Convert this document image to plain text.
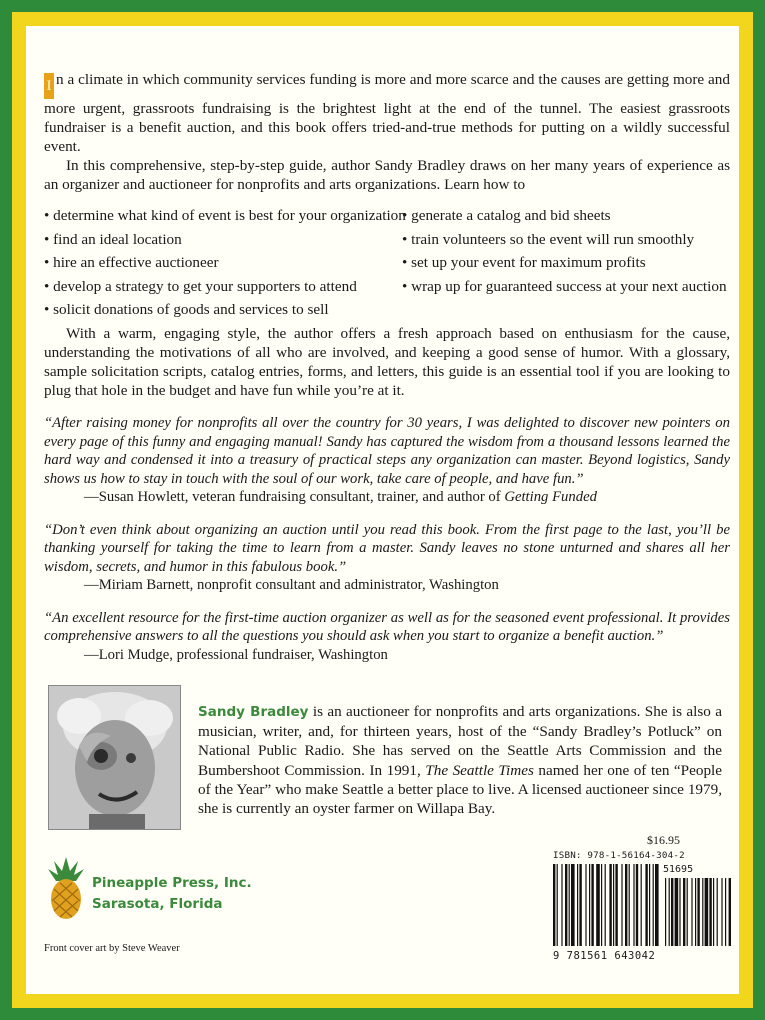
I n a climate in which community services funding is more and more scarce and the causes are getting more and more urgent, grassroots fundraising is the brightest light at the end of the tunnel. The easiest grassroots fundraiser is a benefit auction, and this book offers tried-and-true methods for putting on a wildly successful event.

In this comprehensive, step-by-step guide, author Sandy Bradley draws on her many years of experience as an organizer and auctioneer for nonprofits and arts organizations. Learn how to

• determine what kind of event is best for your organization
• find an ideal location
• hire an effective auctioneer
• develop a strategy to get your supporters to attend
• solicit donations of goods and services to sell
• generate a catalog and bid sheets
• train volunteers so the event will run smoothly
• set up your event for maximum profits
• wrap up for guaranteed success at your next auction

With a warm, engaging style, the author offers a fresh approach based on enthusiasm for the cause, understanding the motivations of all who are involved, and keeping a good sense of humor. With a glossary, sample solicitation scripts, catalog entries, forms, and letters, this guide is an essential tool if you are looking to plug that hole in the budget and have fun while you’re at it.

“After raising money for nonprofits all over the country for 30 years, I was delighted to discover new pointers on every page of this funny and engaging manual! Sandy has captured the wisdom from a thousand lessons learned the hard way and condensed it into a treasury of practical steps any organization can master. Beyond logistics, Sandy shows us how to stay in touch with the soul of our work, take care of people, and have fun.”
—Susan Howlett, veteran fundraising consultant, trainer, and author of Getting Funded
“Don’t even think about organizing an auction until you read this book. From the first page to the last, you’ll be thanking yourself for taking the time to learn from a master. Sandy leaves no stone unturned and shares all her wisdom, secrets, and humor in this fabulous book.”
—Miriam Barnett, nonprofit consultant and administrator, Washington
“An excellent resource for the first-time auction organizer as well as for the seasoned event professional. It provides comprehensive answers to all the questions you should ask when you start to organize a benefit auction.”
—Lori Mudge, professional fundraiser, Washington
Sandy Bradley is an auctioneer for nonprofits and arts organizations. She is also a musician, writer, and, for thirteen years, host of the “Sandy Bradley’s Potluck” on National Public Radio. She has served on the Seattle Arts Commission and the Bumbershoot Commission. In 1991, The Seattle Times named her one of ten “People of the Year” who make Seattle a better place to live. A licensed auctioneer since 1979, she is currently an oyster farmer on Willapa Bay.
Pineapple Press, Inc.
Sarasota, Florida
Front cover art by Steve Weaver
$16.95
ISBN: 978-1-56164-304-2
51695
9 781561 643042
